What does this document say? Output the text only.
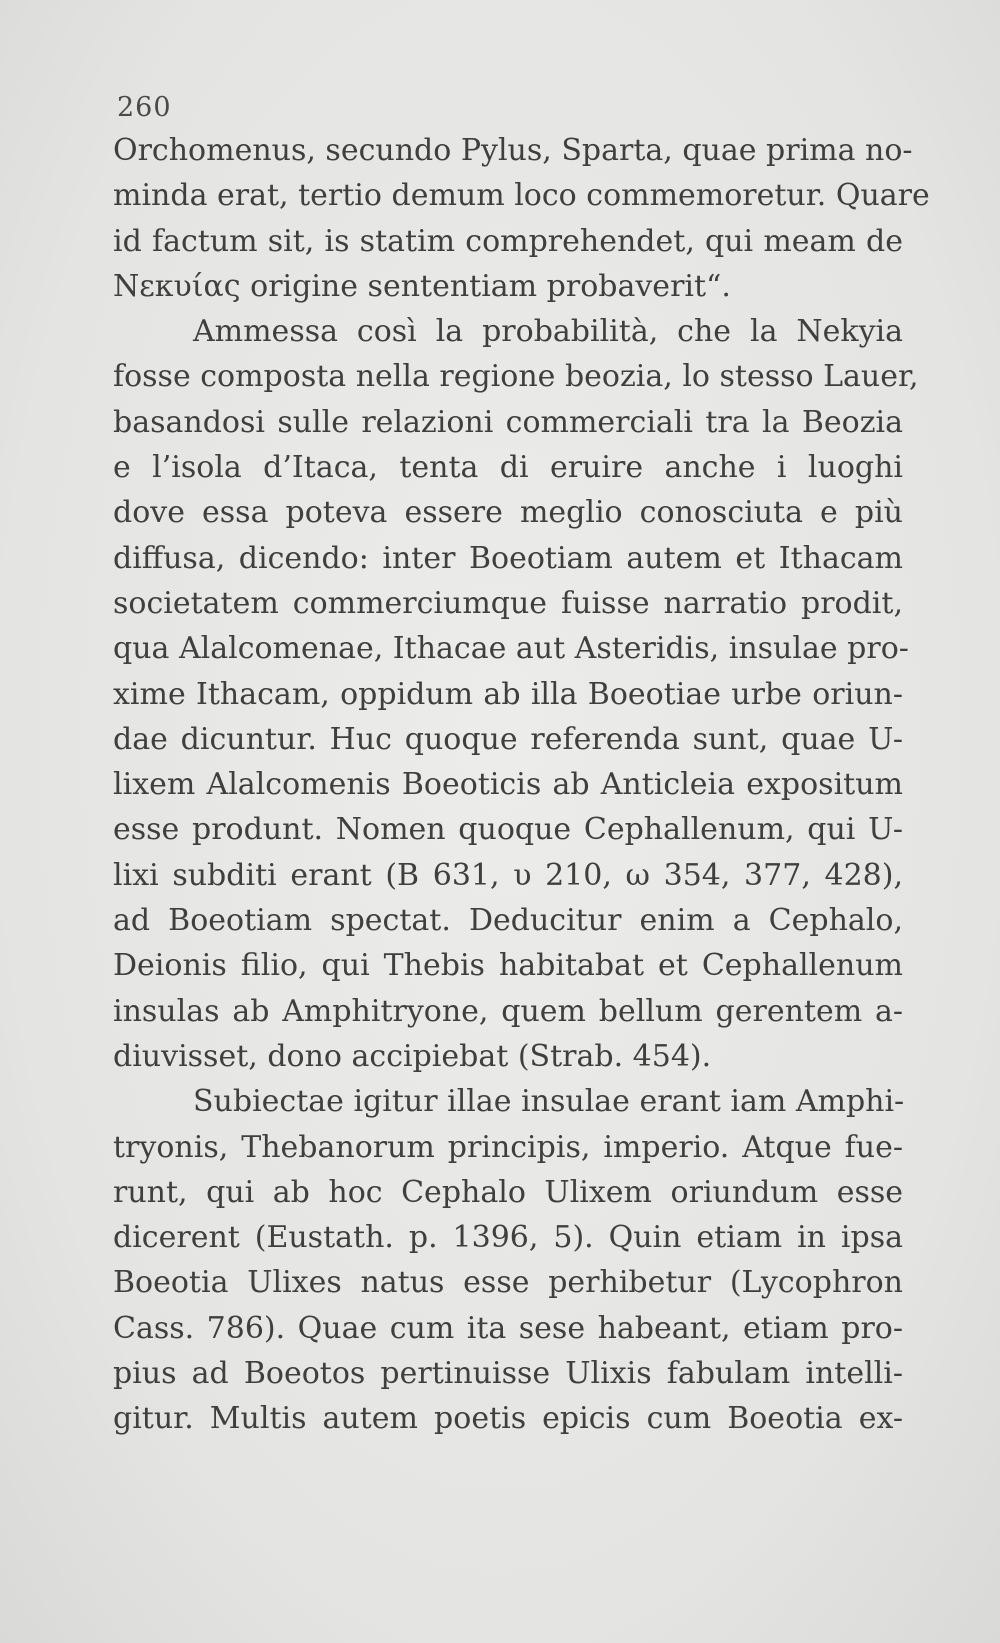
260
Orchomenus, secundo Pylus, Sparta, quae prima no-
minda erat, tertio demum loco commemoretur. Quare
id factum sit, is statim comprehendet, qui meam de
Νεκυίας origine sententiam probaverit“.
Ammessa così la probabilità, che la Nekyia
fosse composta nella regione beozia, lo stesso Lauer,
basandosi sulle relazioni commerciali tra la Beozia
e l’isola d’Itaca, tenta di eruire anche i luoghi
dove essa poteva essere meglio conosciuta e più
diffusa, dicendo: inter Boeotiam autem et Ithacam
societatem commerciumque fuisse narratio prodit,
qua Alalcomenae, Ithacae aut Asteridis, insulae pro-
xime Ithacam, oppidum ab illa Boeotiae urbe oriun-
dae dicuntur. Huc quoque referenda sunt, quae U-
lixem Alalcomenis Boeoticis ab Anticleia expositum
esse produnt. Nomen quoque Cephallenum, qui U-
lixi subditi erant (B 631, υ 210, ω 354, 377, 428),
ad Boeotiam spectat. Deducitur enim a Cephalo,
Deionis filio, qui Thebis habitabat et Cephallenum
insulas ab Amphitryone, quem bellum gerentem a-
diuvisset, dono accipiebat (Strab. 454).
Subiectae igitur illae insulae erant iam Amphi-
tryonis, Thebanorum principis, imperio. Atque fue-
runt, qui ab hoc Cephalo Ulixem oriundum esse
dicerent (Eustath. p. 1396, 5). Quin etiam in ipsa
Boeotia Ulixes natus esse perhibetur (Lycophron
Cass. 786). Quae cum ita sese habeant, etiam pro-
pius ad Boeotos pertinuisse Ulixis fabulam intelli-
gitur. Multis autem poetis epicis cum Boeotia ex-
